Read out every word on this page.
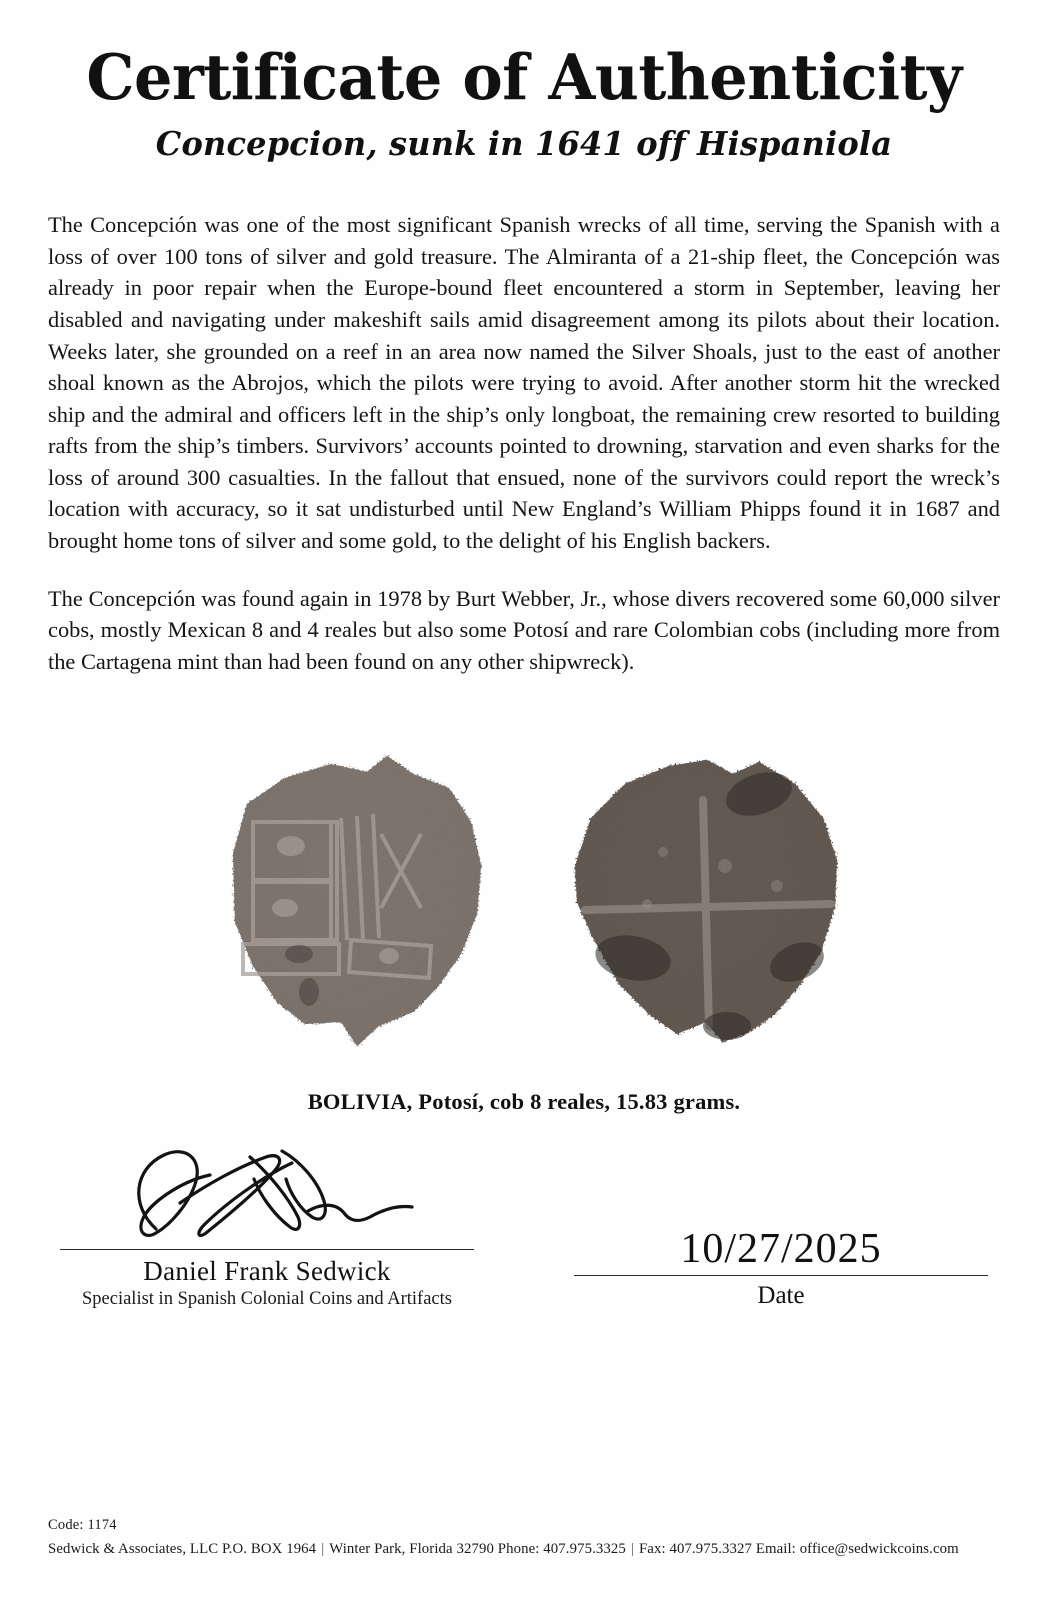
Certificate of Authenticity
Concepcion, sunk in 1641 off Hispaniola

The Concepción was one of the most significant Spanish wrecks of all time, serving the Spanish with a loss of over 100 tons of silver and gold treasure. The Almiranta of a 21-ship fleet, the Concepción was already in poor repair when the Europe-bound fleet encountered a storm in September, leaving her disabled and navigating under makeshift sails amid disagreement among its pilots about their location. Weeks later, she grounded on a reef in an area now named the Silver Shoals, just to the east of another shoal known as the Abrojos, which the pilots were trying to avoid. After another storm hit the wrecked ship and the admiral and officers left in the ship’s only longboat, the remaining crew resorted to building rafts from the ship’s timbers. Survivors’ accounts pointed to drowning, starvation and even sharks for the loss of around 300 casualties. In the fallout that ensued, none of the survivors could report the wreck’s location with accuracy, so it sat undisturbed until New England’s William Phipps found it in 1687 and brought home tons of silver and some gold, to the delight of his English backers.

The Concepción was found again in 1978 by Burt Webber, Jr., whose divers recovered some 60,000 silver cobs, mostly Mexican 8 and 4 reales but also some Potosí and rare Colombian cobs (including more from the Cartagena mint than had been found on any other shipwreck).

BOLIVIA, Potosí, cob 8 reales, 15.83 grams.
Daniel Frank Sedwick
Specialist in Spanish Colonial Coins and Artifacts
10/27/2025
Date
Code: 1174
Sedwick & Associates, LLC P.O. BOX 1964 | Winter Park, Florida 32790 Phone: 407.975.3325 | Fax: 407.975.3327 Email: office@sedwickcoins.com
